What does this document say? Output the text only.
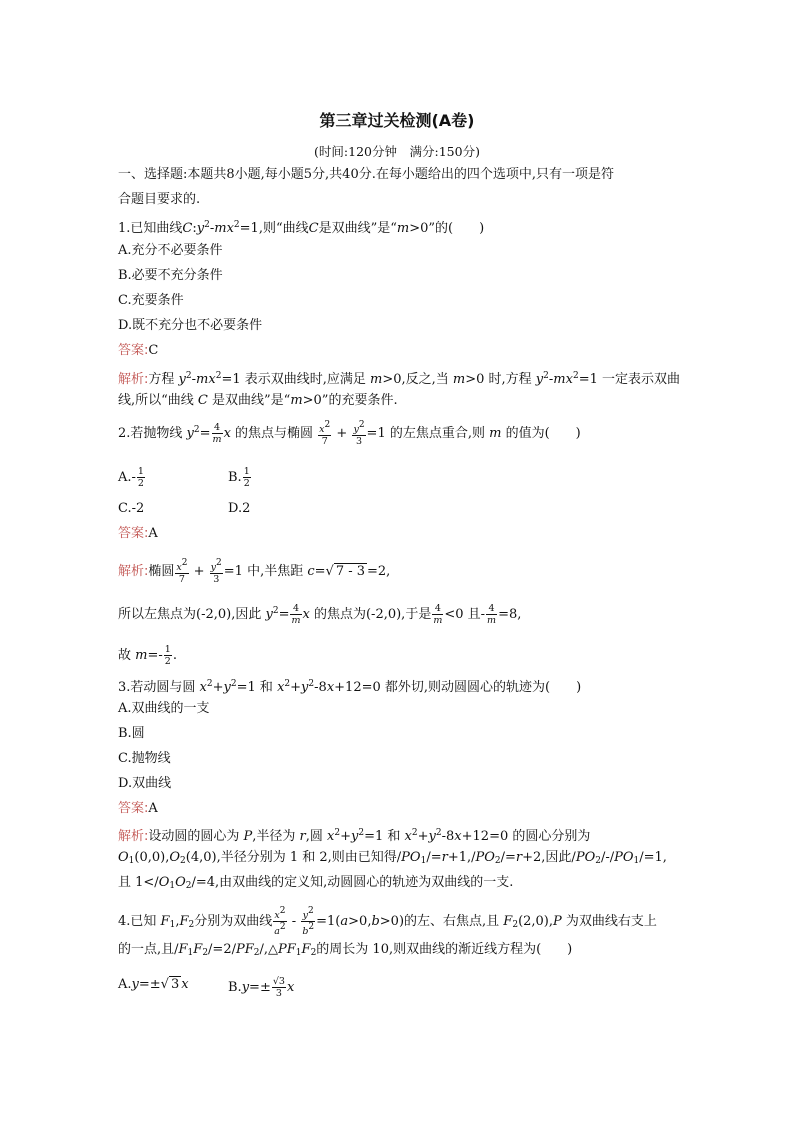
第三章过关检测(A卷)
(时间:120分钟　满分:150分)
一、选择题:本题共8小题,每小题5分,共40分.在每小题给出的四个选项中,只有一项是符
合题目要求的.
1.已知曲线$C:y^2-mx^2=1$,则“曲线C是双曲线”是“m>0”的(　　)
A.充分不必要条件
B.必要不充分条件
C.充要条件
D.既不充分也不必要条件
答案:C
解析:方程 $y^2-mx^2=1$ 表示双曲线时,应满足 m>0,反之,当 m>0 时,方程 $y^2-mx^2=1$ 一定表示双曲
线,所以“曲线 C 是双曲线”是“m>0”的充要条件.
2.若抛物线 $y^2= \frac{4}{m}$ x 的焦点与椭圆 $\frac{x^2}{7} + \frac{y^2}{3} =1$ 的左焦点重合,则 m 的值为(　　)
$A.- \frac{1}{2}$	B. $\frac{1}{2}$
C.-2	D.2
答案:A
解析:椭圆 $\frac{x^2}{7} + \frac{y^2}{3} =1$ 中,半焦距 c=√ 7 - 3 =2,
所以左焦点为(-2,0),因此 $y^2= \frac{4}{m}$ x 的焦点为(-2,0),于是 $\frac{4}{m} <0$ 且- $\frac{4}{m} =8$,
故 $m=- \frac{1}{2}$ .
3.若动圆与圆 $x^2+y^2=1$ 和 $x^2+y^2-8x+12=0$ 都外切,则动圆圆心的轨迹为(　　)
A.双曲线的一支
B.圆
C.抛物线
D.双曲线
答案:A
解析:设动圆的圆心为 P,半径为 r,圆 $x^2+y^2=1$ 和 $x^2+y^2-8x+12=0$ 的圆心分别为
$O_1(0,0),O_2(4,0)$,半径分别为 1 和 2,则由已知得$/PO_1/=r+1,/PO_2/=r+2$,因此$/PO_2/-/PO_1/=1$,
且 $1</O_1O_2/=4$,由双曲线的定义知,动圆圆心的轨迹为双曲线的一支.
4.已知 $F_1,F_2$分别为双曲线 $\frac{x^2}{a^2} - \frac{y^2}{b^2} =1(a>0,b>0)$的左、右焦点,且 $F_2(2,0),P$ 为双曲线右支上
的一点,且$/F_1F_2/=2/PF_2/,\triangle PF_1F_2$的周长为 10,则双曲线的渐近线方程为(　　)
A.y=±√ 3 x	$B.y=\pm \frac{√3}{3}$ x
